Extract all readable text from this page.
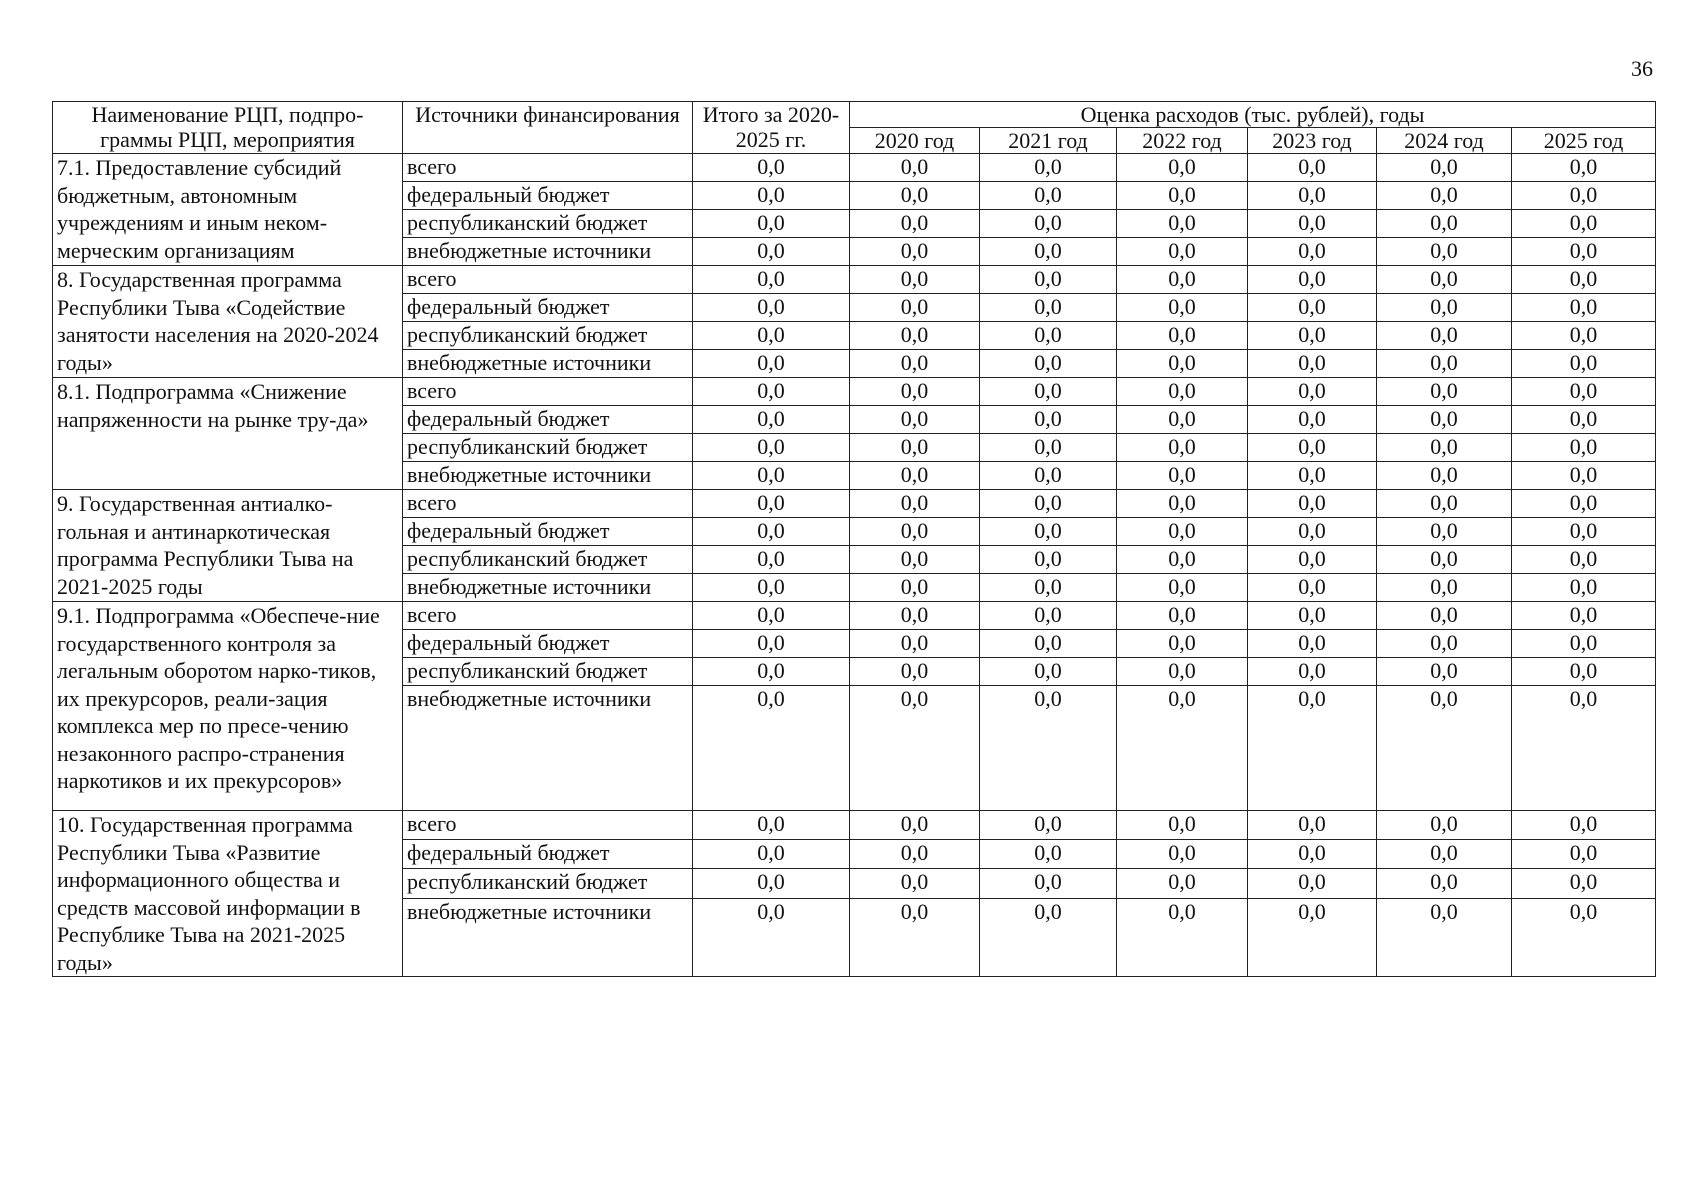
36
Наименование РЦП, подпро-граммы РЦП, мероприятия	Источники финансирования	Итого за 2020-2025 гг.	Оценка расходов (тыс. рублей), годы					
			2020 год	2021 год	2022 год	2023 год	2024 год	2025 год
7.1. Предоставление субсидий бюджетным, автономным учреждениям и иным неком-мерческим организациям	всего	0,0	0,0	0,0	0,0	0,0	0,0	0,0
	федеральный бюджет	0,0	0,0	0,0	0,0	0,0	0,0	0,0
	республиканский бюджет	0,0	0,0	0,0	0,0	0,0	0,0	0,0
	внебюджетные источники	0,0	0,0	0,0	0,0	0,0	0,0	0,0
8. Государственная программа Республики Тыва «Содействие занятости населения на 2020-2024 годы»	всего	0,0	0,0	0,0	0,0	0,0	0,0	0,0
	федеральный бюджет	0,0	0,0	0,0	0,0	0,0	0,0	0,0
	республиканский бюджет	0,0	0,0	0,0	0,0	0,0	0,0	0,0
	внебюджетные источники	0,0	0,0	0,0	0,0	0,0	0,0	0,0
8.1. Подпрограмма «Снижение напряженности на рынке тру-да»	всего	0,0	0,0	0,0	0,0	0,0	0,0	0,0
	федеральный бюджет	0,0	0,0	0,0	0,0	0,0	0,0	0,0
	республиканский бюджет	0,0	0,0	0,0	0,0	0,0	0,0	0,0
	внебюджетные источники	0,0	0,0	0,0	0,0	0,0	0,0	0,0
9. Государственная антиалко-гольная и антинаркотическая программа Республики Тыва на 2021-2025 годы	всего	0,0	0,0	0,0	0,0	0,0	0,0	0,0
	федеральный бюджет	0,0	0,0	0,0	0,0	0,0	0,0	0,0
	республиканский бюджет	0,0	0,0	0,0	0,0	0,0	0,0	0,0
	внебюджетные источники	0,0	0,0	0,0	0,0	0,0	0,0	0,0
9.1. Подпрограмма «Обеспече-ние государственного контроля за легальным оборотом нарко-тиков, их прекурсоров, реали-зация комплекса мер по пресе-чению незаконного распро-странения наркотиков и их прекурсоров»	всего	0,0	0,0	0,0	0,0	0,0	0,0	0,0
	федеральный бюджет	0,0	0,0	0,0	0,0	0,0	0,0	0,0
	республиканский бюджет	0,0	0,0	0,0	0,0	0,0	0,0	0,0
	внебюджетные источники	0,0	0,0	0,0	0,0	0,0	0,0	0,0
10. Государственная программа Республики Тыва «Развитие информационного общества и средств массовой информации в Республике Тыва на 2021-2025 годы»	всего	0,0	0,0	0,0	0,0	0,0	0,0	0,0
	федеральный бюджет	0,0	0,0	0,0	0,0	0,0	0,0	0,0
	республиканский бюджет	0,0	0,0	0,0	0,0	0,0	0,0	0,0
	внебюджетные источники	0,0	0,0	0,0	0,0	0,0	0,0	0,0
